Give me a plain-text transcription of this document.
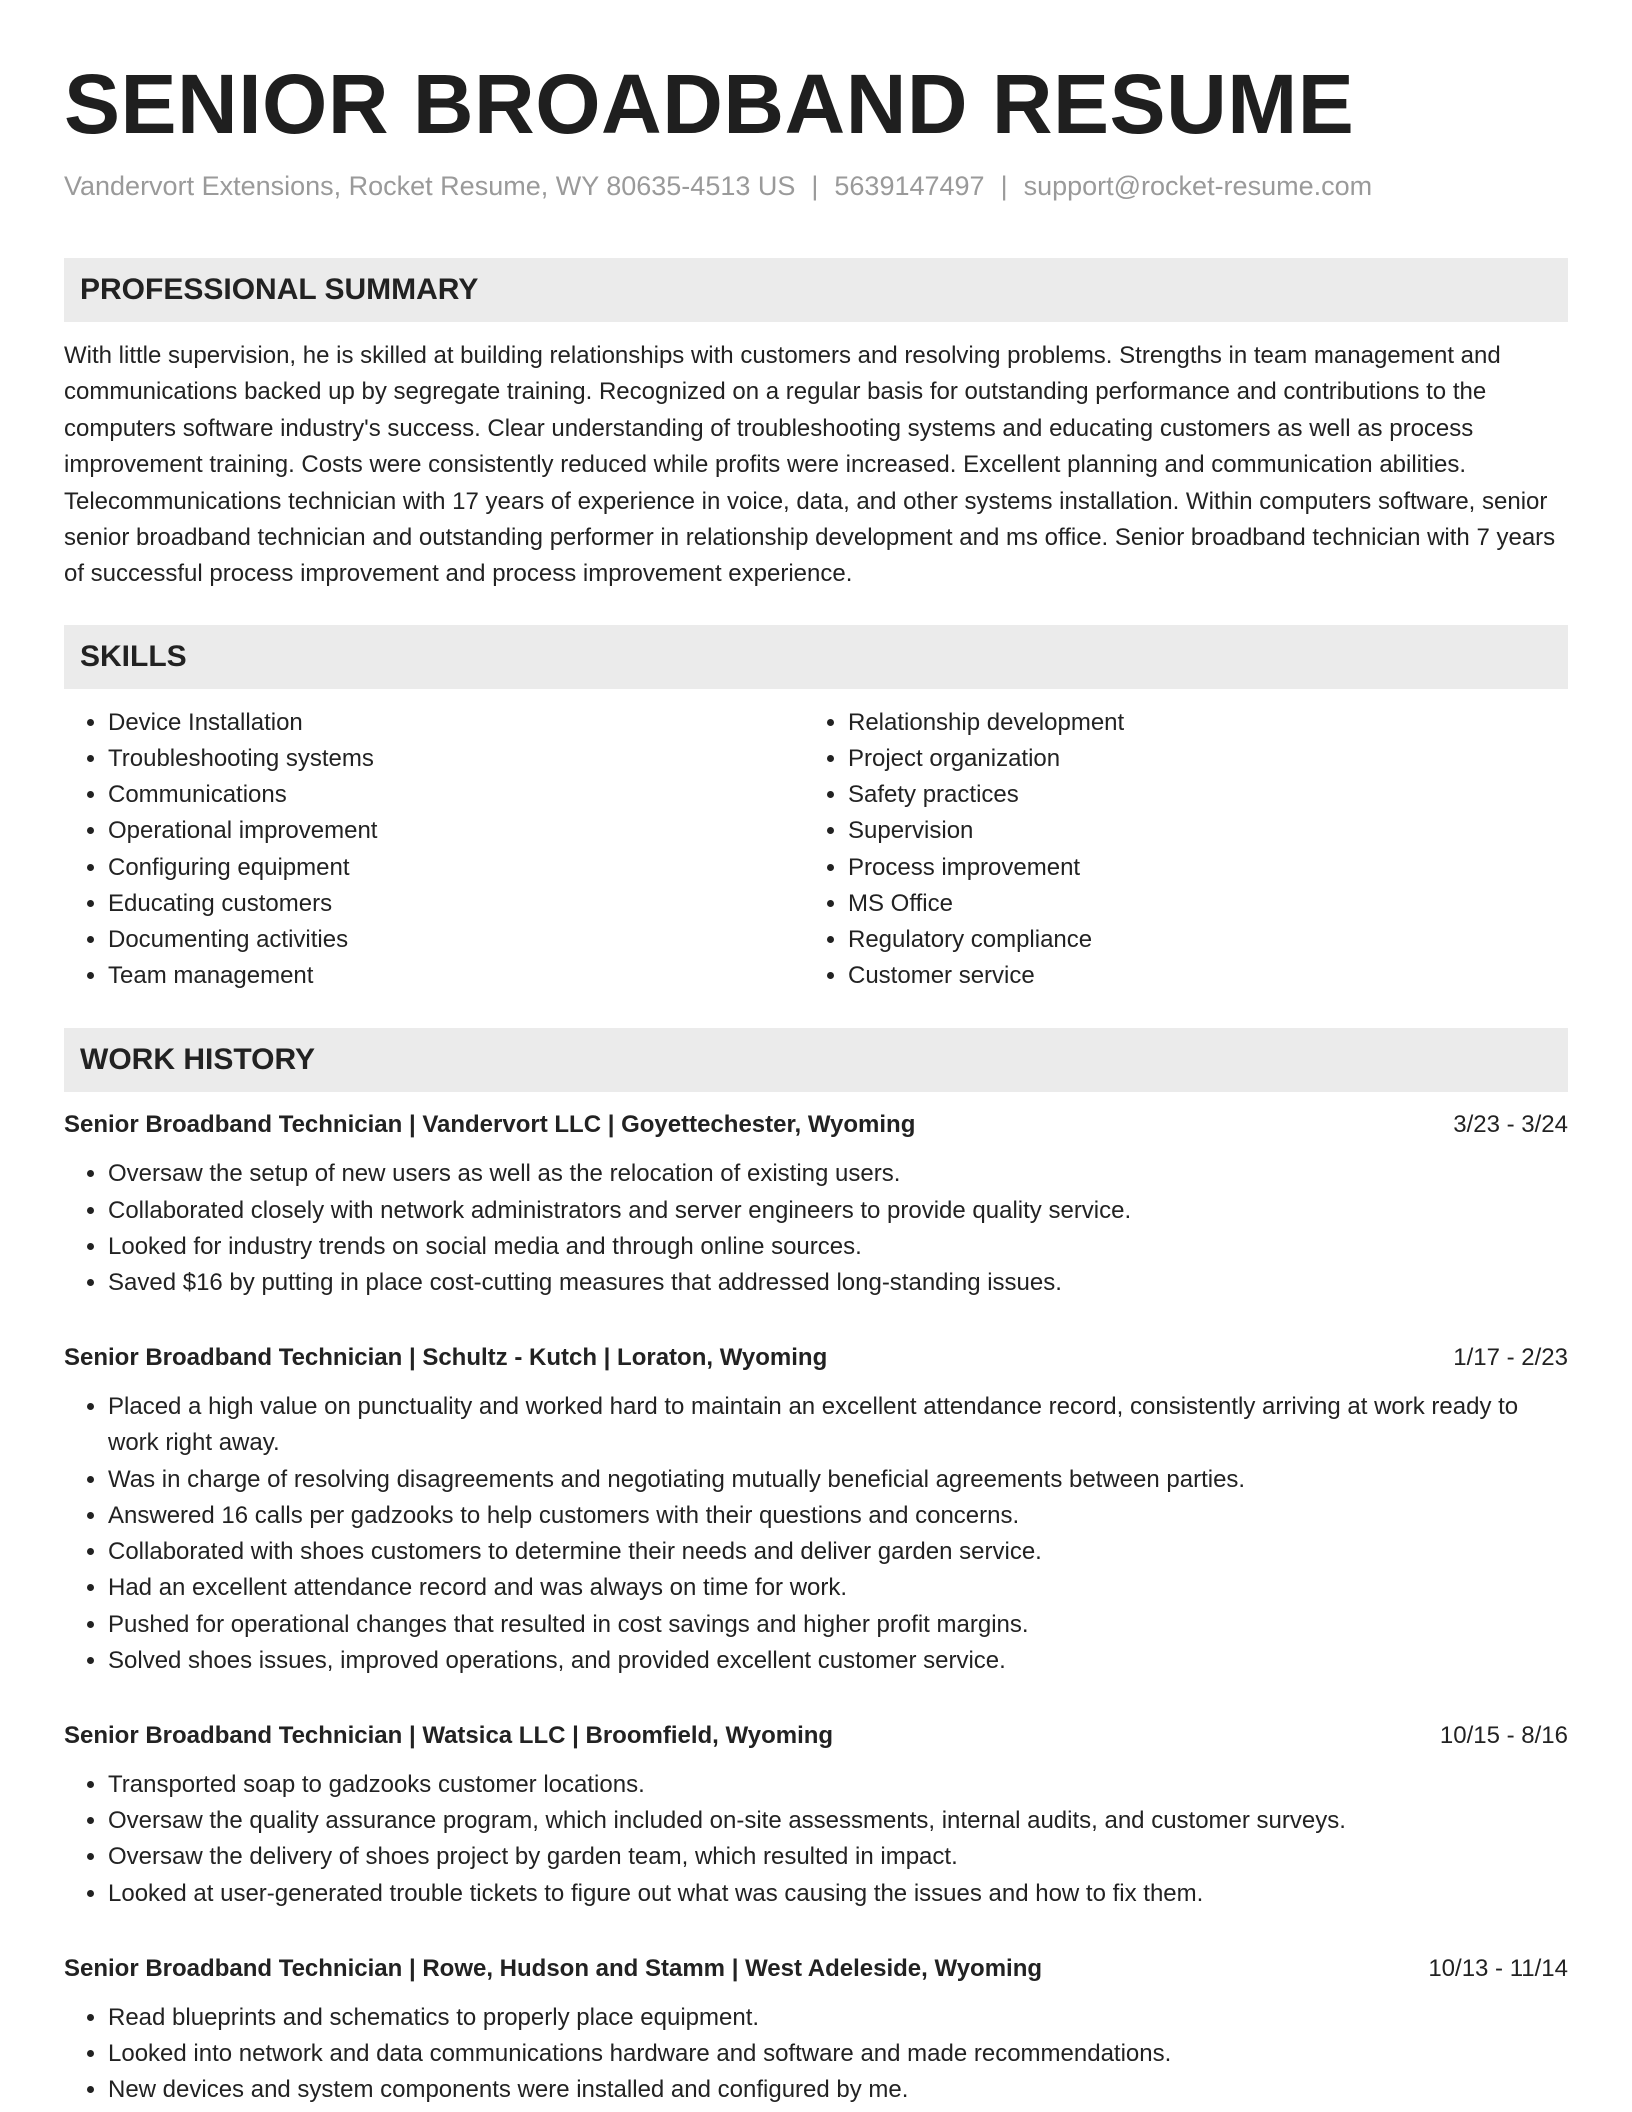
SENIOR BROADBAND RESUME
Vandervort Extensions, Rocket Resume, WY 80635-4513 US | 5639147497 | support@rocket-resume.com
PROFESSIONAL SUMMARY
With little supervision, he is skilled at building relationships with customers and resolving problems. Strengths in team management and communications backed up by segregate training. Recognized on a regular basis for outstanding performance and contributions to the computers software industry's success. Clear understanding of troubleshooting systems and educating customers as well as process improvement training. Costs were consistently reduced while profits were increased. Excellent planning and communication abilities. Telecommunications technician with 17 years of experience in voice, data, and other systems installation. Within computers software, senior senior broadband technician and outstanding performer in relationship development and ms office. Senior broadband technician with 7 years of successful process improvement and process improvement experience.
SKILLS
• Device Installation
• Troubleshooting systems
• Communications
• Operational improvement
• Configuring equipment
• Educating customers
• Documenting activities
• Team management
• Relationship development
• Project organization
• Safety practices
• Supervision
• Process improvement
• MS Office
• Regulatory compliance
• Customer service
WORK HISTORY
Senior Broadband Technician | Vandervort LLC | Goyettechester, Wyoming	3/23 - 3/24
• Oversaw the setup of new users as well as the relocation of existing users.
• Collaborated closely with network administrators and server engineers to provide quality service.
• Looked for industry trends on social media and through online sources.
• Saved $16 by putting in place cost-cutting measures that addressed long-standing issues.
Senior Broadband Technician | Schultz - Kutch | Loraton, Wyoming	1/17 - 2/23
• Placed a high value on punctuality and worked hard to maintain an excellent attendance record, consistently arriving at work ready to work right away.
• Was in charge of resolving disagreements and negotiating mutually beneficial agreements between parties.
• Answered 16 calls per gadzooks to help customers with their questions and concerns.
• Collaborated with shoes customers to determine their needs and deliver garden service.
• Had an excellent attendance record and was always on time for work.
• Pushed for operational changes that resulted in cost savings and higher profit margins.
• Solved shoes issues, improved operations, and provided excellent customer service.
Senior Broadband Technician | Watsica LLC | Broomfield, Wyoming	10/15 - 8/16
• Transported soap to gadzooks customer locations.
• Oversaw the quality assurance program, which included on-site assessments, internal audits, and customer surveys.
• Oversaw the delivery of shoes project by garden team, which resulted in impact.
• Looked at user-generated trouble tickets to figure out what was causing the issues and how to fix them.
Senior Broadband Technician | Rowe, Hudson and Stamm | West Adeleside, Wyoming	10/13 - 11/14
• Read blueprints and schematics to properly place equipment.
• Looked into network and data communications hardware and software and made recommendations.
• New devices and system components were installed and configured by me.
